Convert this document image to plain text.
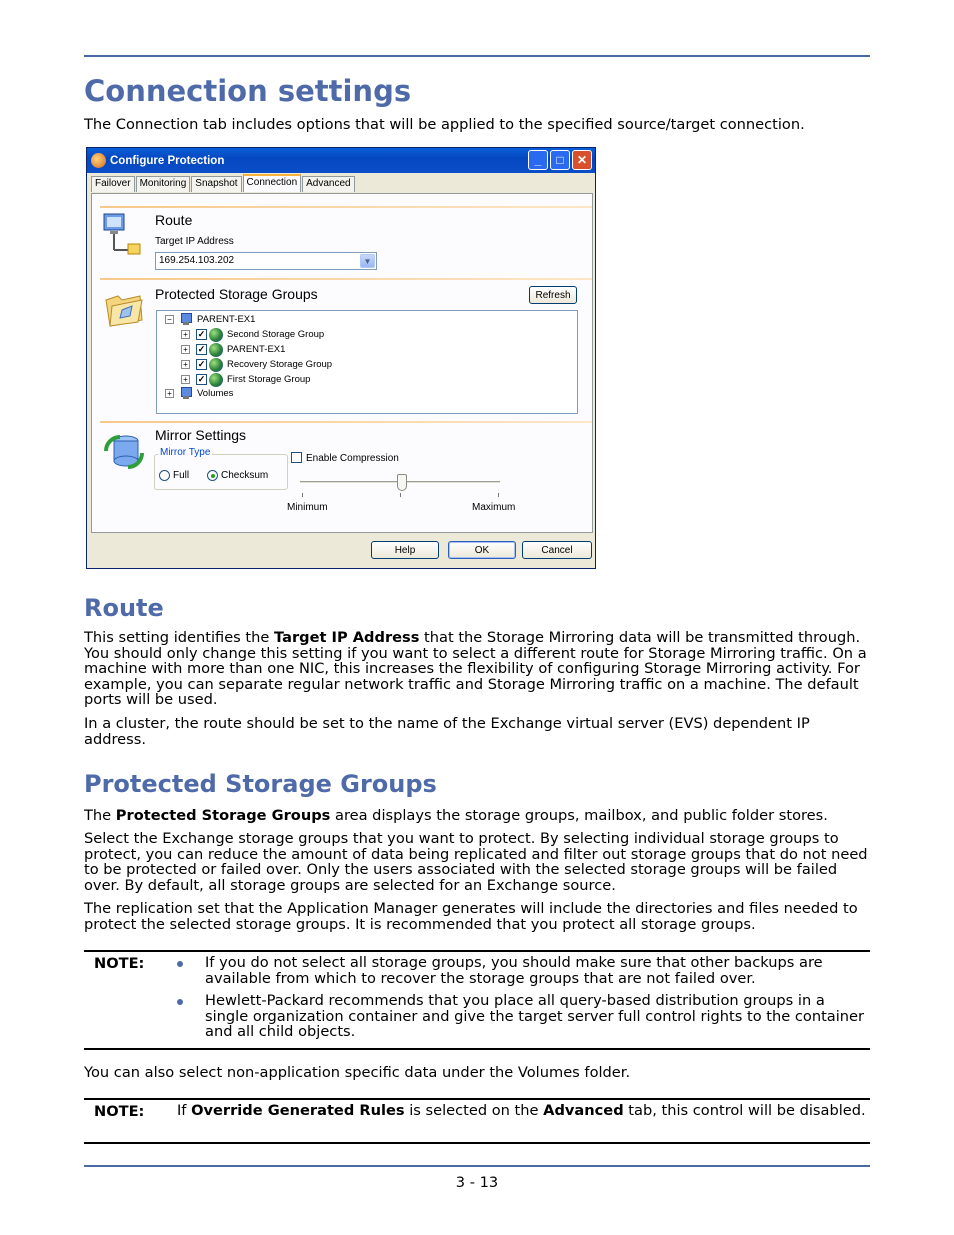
Connection settings

The Connection tab includes options that will be applied to the specified source/target connection.

Configure Protection	_	□	✕
Failover Monitoring Snapshot Connection Advanced
Route
Target IP Address
169.254.103.202	▼
Protected Storage Groups	Refresh
−	PARENT-EX1
+ ✓ Second Storage Group
+ ✓ PARENT-EX1
+ ✓ Recovery Storage Group
+ ✓ First Storage Group
+	Volumes
Mirror Settings
Mirror Type
Full	Checksum
Enable Compression
Minimum	Maximum
Help	OK	Cancel
Route

This setting identifies the Target IP Address that the Storage Mirroring data will be transmitted through. You should only change this setting if you want to select a different route for Storage Mirroring traffic. On a machine with more than one NIC, this increases the flexibility of configuring Storage Mirroring activity. For example, you can separate regular network traffic and Storage Mirroring traffic on a machine. The default ports will be used.

In a cluster, the route should be set to the name of the Exchange virtual server (EVS) dependent IP address.

Protected Storage Groups

The Protected Storage Groups area displays the storage groups, mailbox, and public folder stores.

Select the Exchange storage groups that you want to protect. By selecting individual storage groups to protect, you can reduce the amount of data being replicated and filter out storage groups that do not need to be protected or failed over. Only the users associated with the selected storage groups will be failed over. By default, all storage groups are selected for an Exchange source.

The replication set that the Application Manager generates will include the directories and files needed to protect the selected storage groups. It is recommended that you protect all storage groups.

NOTE:	If you do not select all storage groups, you should make sure that other backups are available from which to recover the storage groups that are not failed over.
Hewlett-Packard recommends that you place all query-based distribution groups in a single organization container and give the target server full control rights to the container and all child objects.

You can also select non-application specific data under the Volumes folder.

NOTE: If Override Generated Rules is selected on the Advanced tab, this control will be disabled.
3 - 13
